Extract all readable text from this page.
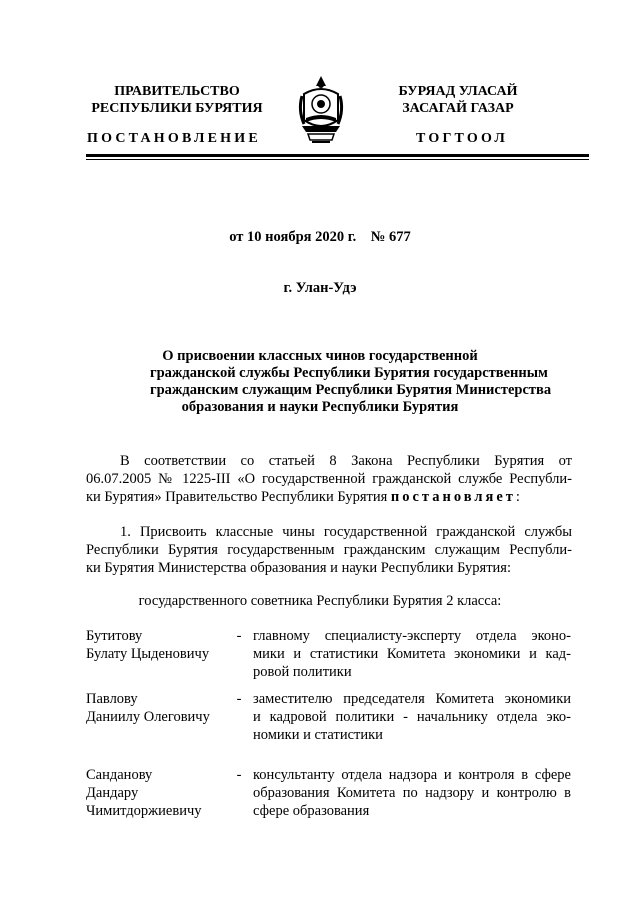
ПРАВИТЕЛЬСТВО
РЕСПУБЛИКИ БУРЯТИЯ
БУРЯАД УЛАСАЙ
ЗАСАГАЙ ГАЗАР
ПОСТАНОВЛЕНИЕ	ТОГТООЛ
от 10 ноября 2020 г.    № 677
г. Улан-Удэ
О присвоении классных чинов государственной
гражданской службы Республики Бурятия государственным
гражданским служащим Республики Бурятия Министерства
образования и науки Республики Бурятия
В соответствии со статьей 8 Закона Республики Бурятия от
06.07.2005 № 1225-III «О государственной гражданской службе Республи-
ки Бурятия» Правительство Республики Бурятия постановляет:
1. Присвоить классные чины государственной гражданской службы
Республики Бурятия государственным гражданским служащим Республи-
ки Бурятия Министерства образования и науки Республики Бурятия:
государственного советника Республики Бурятия 2 класса:
Бутитову
Булату Цыденовичу
- главному специалисту-эксперту отдела эконо-
мики и статистики Комитета экономики и кад-
ровой политики
Павлову
Даниилу Олеговичу
- заместителю председателя Комитета экономики
и кадровой политики - начальнику отдела эко-
номики и статистики
Санданову
Дандару
Чимитдоржиевичу
- консультанту отдела надзора и контроля в сфере
образования Комитета по надзору и контролю в
сфере образования
